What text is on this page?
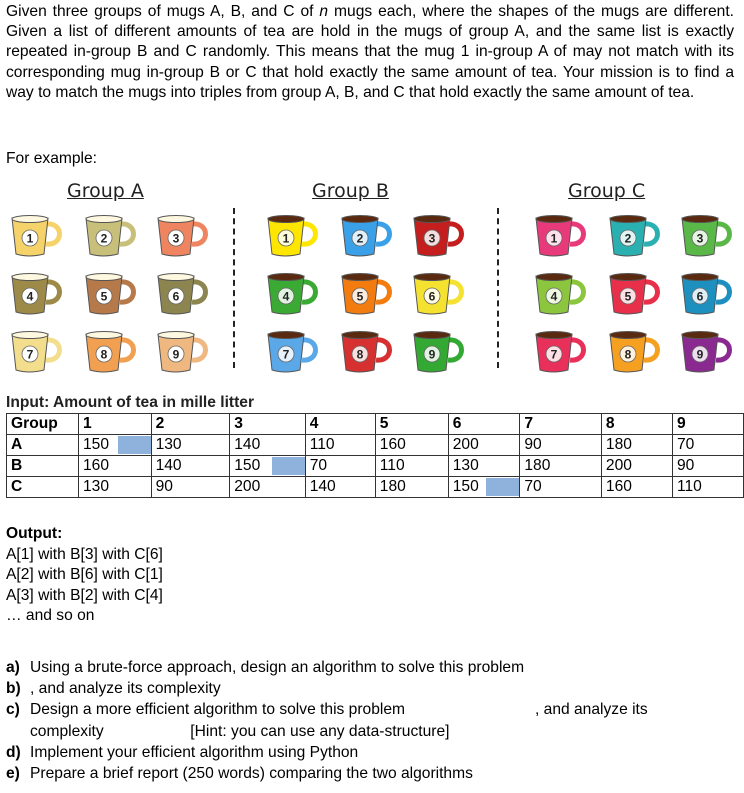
Given three groups of mugs A, B, and C of n mugs each, where the shapes of the mugs are different. Given a list of different amounts of tea are hold in the mugs of group A, and the same list is exactly repeated in-group B and C randomly. This means that the mug 1 in-group A of may not match with its corresponding mug in-group B or C that hold exactly the same amount of tea. Your mission is to find a way to match the mugs into triples from group A, B, and C that hold exactly the same amount of tea.

For example:
Group A	Group B	Group C
1	2	3
4	5	6
7	8	9
1	2	3
4	5	6
7	8	9
1	2	3
4	5	6
7	8	9
Input: Amount of tea in mille litter
Group	1	2	3	4	5	6	7	8	9
A	150	130	140	110	160	200	90	180	70

B	160	140	150	70	110	130	180	200	90

C	130	90	200	140	180	150	70	160	110
Output:
A[1] with B[3] with C[6]
A[2] with B[6] with C[1]
A[3] with B[2] with C[4]
… and so on
a) Using a brute-force approach, design an algorithm to solve this problem
b) , and analyze its complexity
c) Design a more efficient algorithm to solve this problem                              , and analyze its complexity                    [Hint: you can use any data-structure]
d) Implement your efficient algorithm using Python
e) Prepare a brief report (250 words) comparing the two algorithms
